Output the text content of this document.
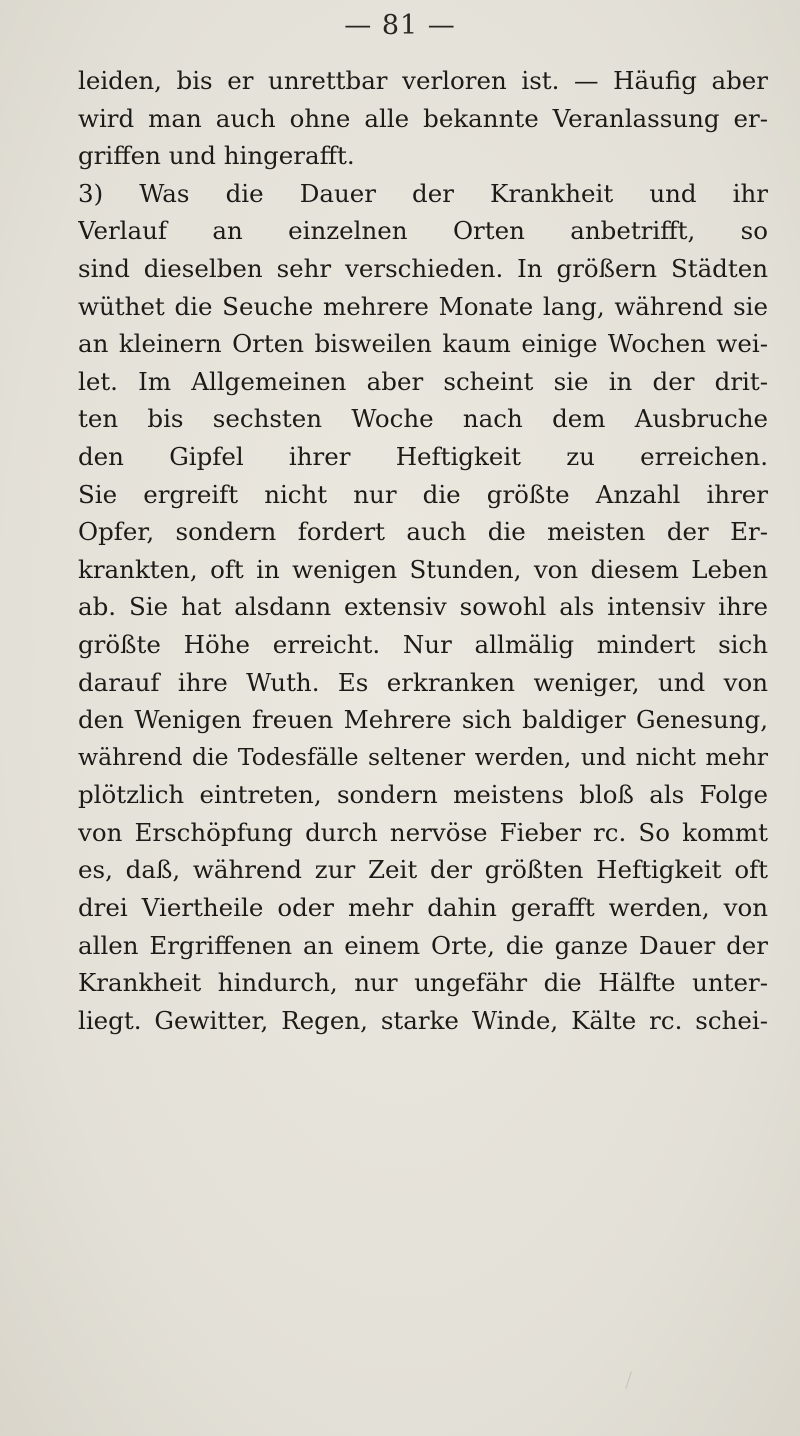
— 81 —
leiden, bis er unrettbar verloren ist. — Häufig aber
wird man auch ohne alle bekannte Veranlassung er-
griffen und hingerafft.
3) Was die Dauer der Krankheit und ihr
Verlauf an einzelnen Orten anbetrifft, so
sind dieselben sehr verschieden. In größern Städten
wüthet die Seuche mehrere Monate lang, während sie
an kleinern Orten bisweilen kaum einige Wochen wei-
let. Im Allgemeinen aber scheint sie in der drit-
ten bis sechsten Woche nach dem Ausbruche
den Gipfel ihrer Heftigkeit zu erreichen.
Sie ergreift nicht nur die größte Anzahl ihrer
Opfer, sondern fordert auch die meisten der Er-
krankten, oft in wenigen Stunden, von diesem Leben
ab. Sie hat alsdann extensiv sowohl als intensiv ihre
größte Höhe erreicht. Nur allmälig mindert sich
darauf ihre Wuth. Es erkranken weniger, und von
den Wenigen freuen Mehrere sich baldiger Genesung,
während die Todesfälle seltener werden, und nicht mehr
plötzlich eintreten, sondern meistens bloß als Folge
von Erschöpfung durch nervöse Fieber rc. So kommt
es, daß, während zur Zeit der größten Heftigkeit oft
drei Viertheile oder mehr dahin gerafft werden, von
allen Ergriffenen an einem Orte, die ganze Dauer der
Krankheit hindurch, nur ungefähr die Hälfte unter-
liegt. Gewitter, Regen, starke Winde, Kälte rc. schei-
